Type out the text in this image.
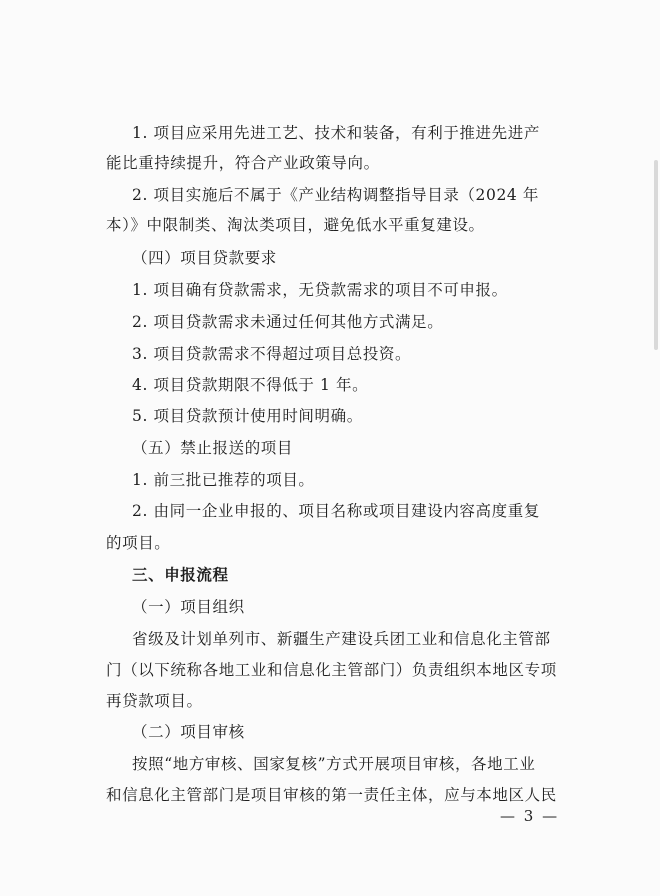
1. 项目应采用先进工艺、技术和装备，有利于推进先进产

能比重持续提升，符合产业政策导向。

2. 项目实施后不属于《产业结构调整指导目录（2024 年

本）》中限制类、淘汰类项目，避免低水平重复建设。

（四）项目贷款要求

1. 项目确有贷款需求，无贷款需求的项目不可申报。

2. 项目贷款需求未通过任何其他方式满足。

3. 项目贷款需求不得超过项目总投资。

4. 项目贷款期限不得低于 1 年。

5. 项目贷款预计使用时间明确。

（五）禁止报送的项目

1. 前三批已推荐的项目。

2. 由同一企业申报的、项目名称或项目建设内容高度重复

的项目。

三、申报流程

（一）项目组织

省级及计划单列市、新疆生产建设兵团工业和信息化主管部

门（以下统称各地工业和信息化主管部门）负责组织本地区专项

再贷款项目。

（二）项目审核

按照“地方审核、国家复核”方式开展项目审核，各地工业

和信息化主管部门是项目审核的第一责任主体，应与本地区人民

— 3 —
